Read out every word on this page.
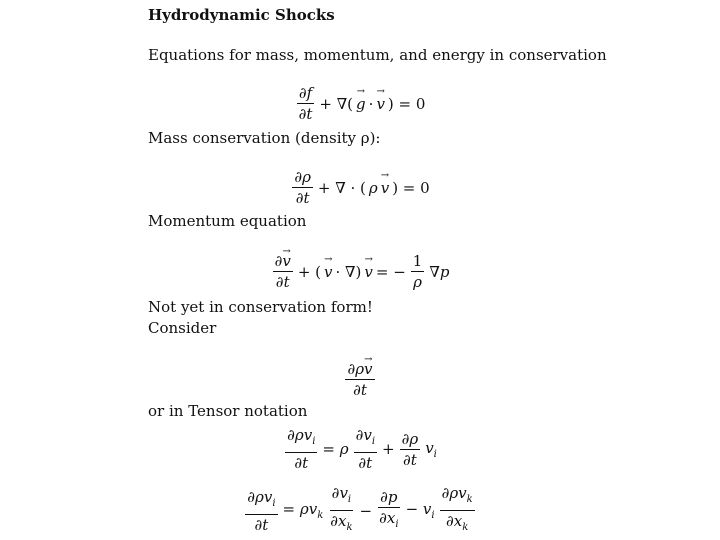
Hydrodynamic Shocks
Equations for mass, momentum, and energy in conservation
$\frac{\partial f}{\partial t}$ + ∇( → g · → v ) = 0
Mass conservation (density ρ):
$\frac{\partial\rho}{\partial t}$ + ∇ · ( ρ → v ) = 0
Momentum equation
$\frac{\partial\to v}{\partial t}$ + ( → v · ∇) → v = − $\frac{1}{\rho} \nabla p$
Not yet in conservation form!
Consider
$\frac{\partial\rho\to v}{\partial t}$
or in Tensor notation
$\frac{\partial\rho v_i}{\partial t} = \rho \frac{\partial v_i}{\partial t} + \frac{\partial\rho}{\partial t} v_i$
$\frac{\partial\rho v_i}{\partial t} = \rho v_k \frac{\partial v_i}{\partial x_k} - \frac{\partial p}{\partial x_i} - v_i \frac{\partial\rho v_k}{\partial x_k}$
